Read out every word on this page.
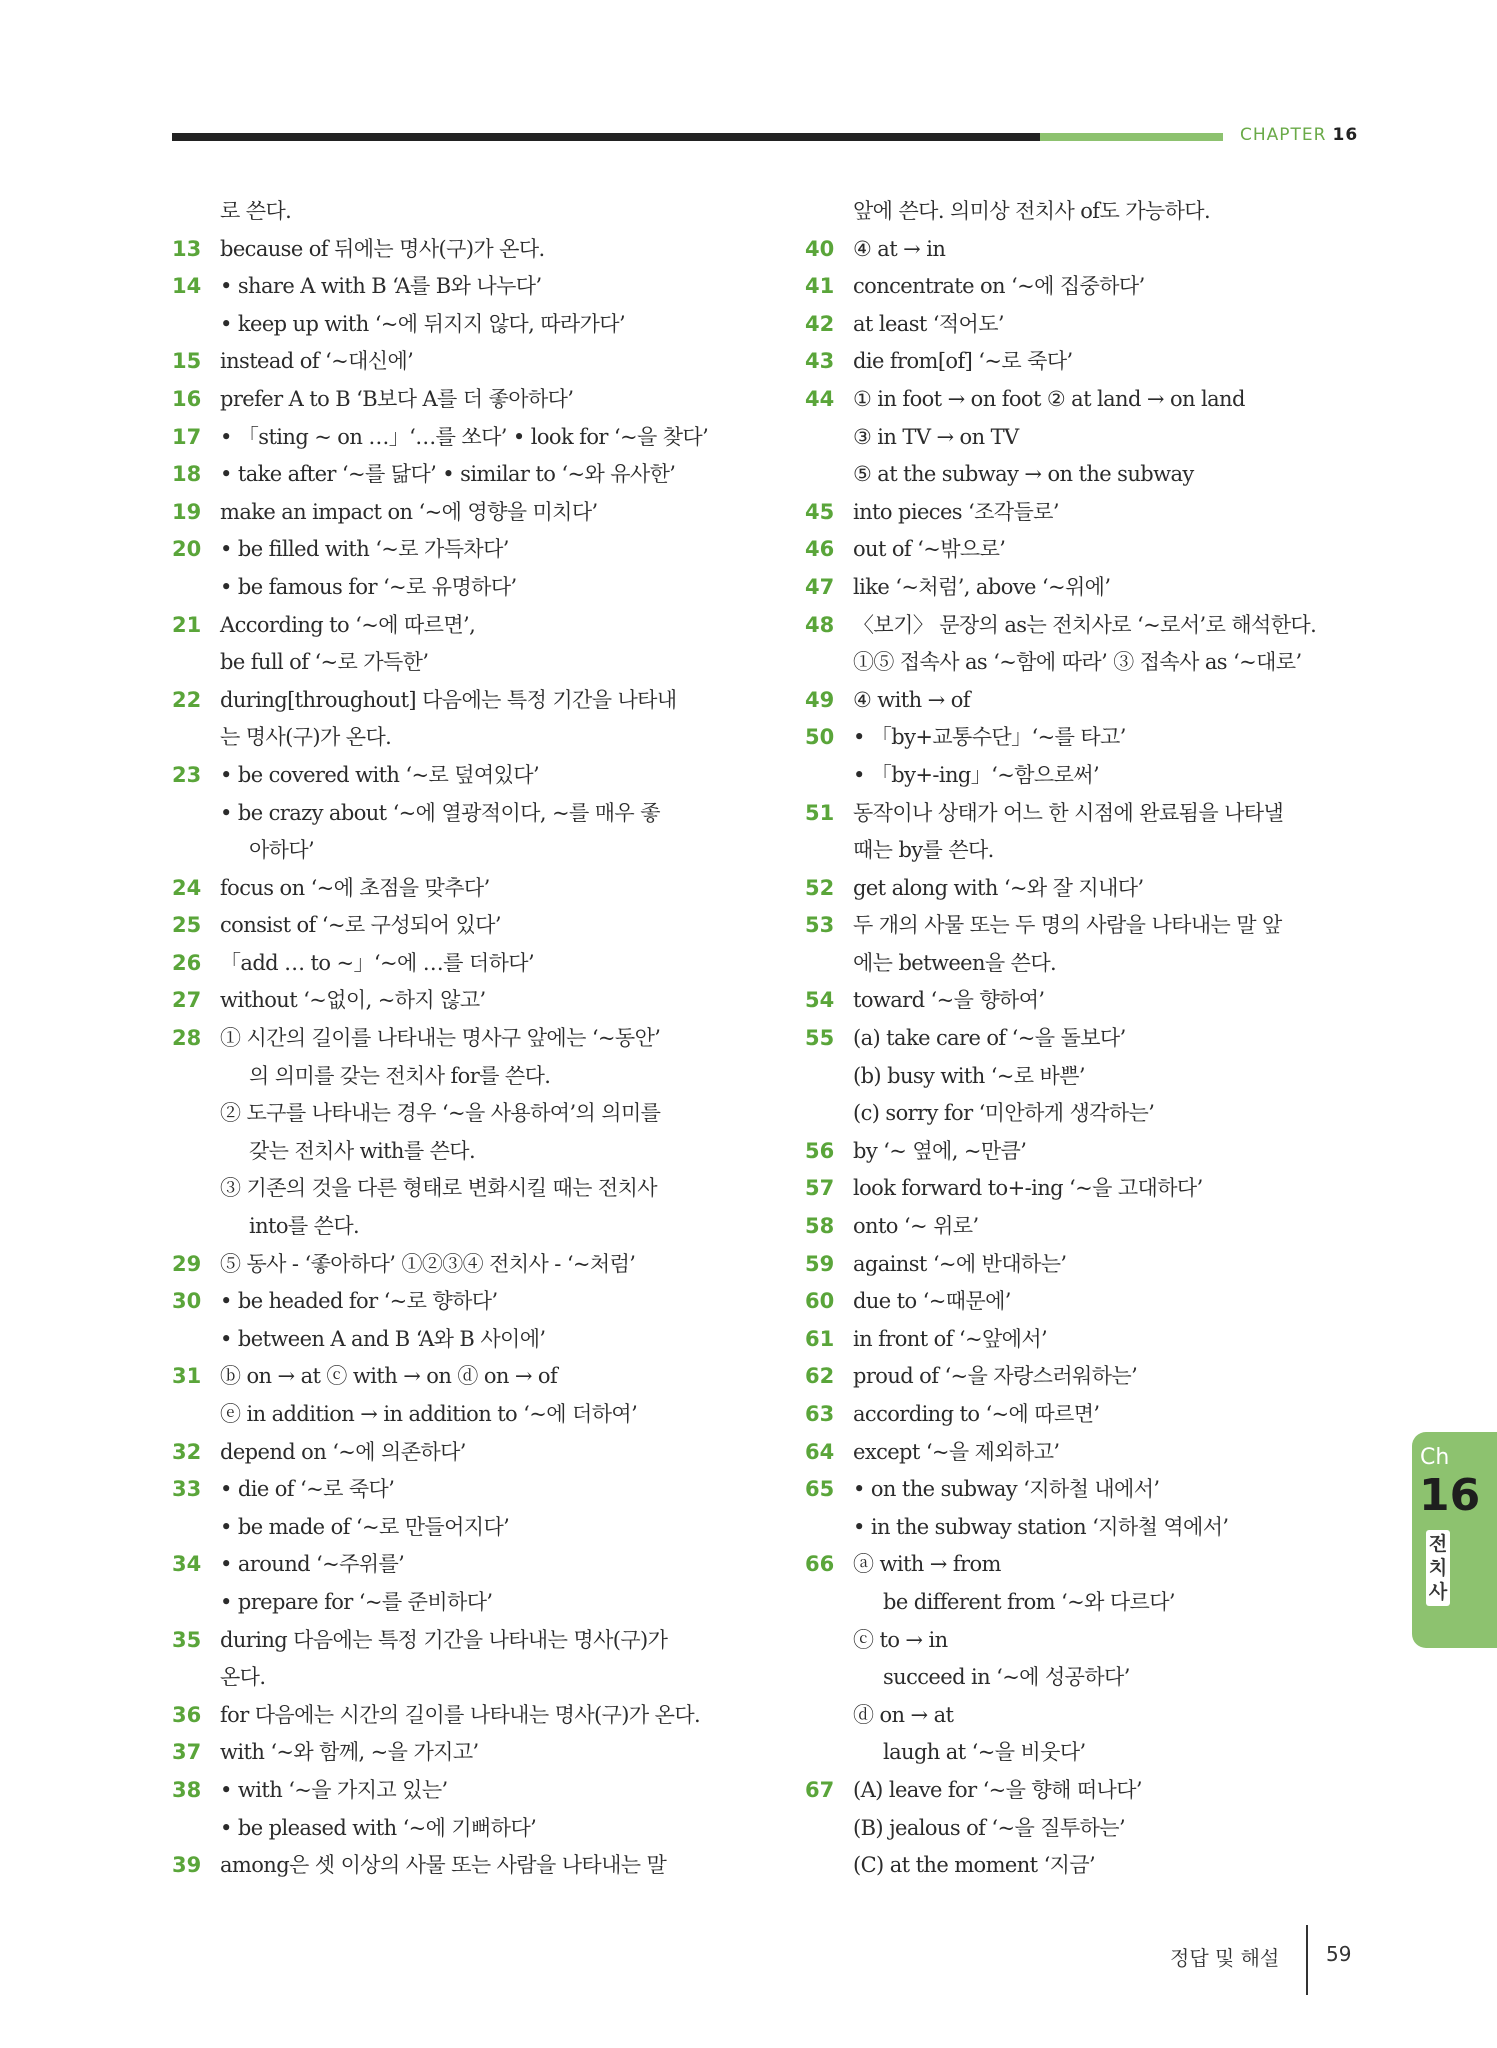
CHAPTER 16
로 쓴다.
13 because of 뒤에는 명사(구)가 온다.
14 • share A with B ‘A를 B와 나누다’
• keep up with ‘~에 뒤지지 않다, 따라가다’
15 instead of ‘~대신에’
16 prefer A to B ‘B보다 A를 더 좋아하다’
17 • 「sting ~ on …」‘…를 쏘다’ • look for ‘~을 찾다’
18 • take after ‘~를 닮다’ • similar to ‘~와 유사한’
19 make an impact on ‘~에 영향을 미치다’
20 • be filled with ‘~로 가득차다’
• be famous for ‘~로 유명하다’
21 According to ‘~에 따르면’,
be full of ‘~로 가득한’
22 during[throughout] 다음에는 특정 기간을 나타내
는 명사(구)가 온다.
23 • be covered with ‘~로 덮여있다’
• be crazy about ‘~에 열광적이다, ~를 매우 좋
아하다’
24 focus on ‘~에 초점을 맞추다’
25 consist of ‘~로 구성되어 있다’
26 「add … to ~」‘~에 …를 더하다’
27 without ‘~없이, ~하지 않고’
28 ① 시간의 길이를 나타내는 명사구 앞에는 ‘~동안’
의 의미를 갖는 전치사 for를 쓴다.
② 도구를 나타내는 경우 ‘~을 사용하여’의 의미를
갖는 전치사 with를 쓴다.
③ 기존의 것을 다른 형태로 변화시킬 때는 전치사
into를 쓴다.
29 ⑤ 동사 - ‘좋아하다’ ①②③④ 전치사 - ‘~처럼’
30 • be headed for ‘~로 향하다’
• between A and B ‘A와 B 사이에’
31 ⓑ on → at ⓒ with → on ⓓ on → of
ⓔ in addition → in addition to ‘~에 더하여’
32 depend on ‘~에 의존하다’
33 • die of ‘~로 죽다’
• be made of ‘~로 만들어지다’
34 • around ‘~주위를’
• prepare for ‘~를 준비하다’
35 during 다음에는 특정 기간을 나타내는 명사(구)가
온다.
36 for 다음에는 시간의 길이를 나타내는 명사(구)가 온다.
37 with ‘~와 함께, ~을 가지고’
38 • with ‘~을 가지고 있는’
• be pleased with ‘~에 기뻐하다’
39 among은 셋 이상의 사물 또는 사람을 나타내는 말
앞에 쓴다. 의미상 전치사 of도 가능하다.
40 ④ at → in
41 concentrate on ‘~에 집중하다’
42 at least ‘적어도’
43 die from[of] ‘~로 죽다’
44 ① in foot → on foot ② at land → on land
③ in TV → on TV
⑤ at the subway → on the subway
45 into pieces ‘조각들로’
46 out of ‘~밖으로’
47 like ‘~처럼’, above ‘~위에’
48 〈보기〉 문장의 as는 전치사로 ‘~로서’로 해석한다.
①⑤ 접속사 as ‘~함에 따라’ ③ 접속사 as ‘~대로’
49 ④ with → of
50 • 「by+교통수단」‘~를 타고’
• 「by+-ing」‘~함으로써’
51 동작이나 상태가 어느 한 시점에 완료됨을 나타낼
때는 by를 쓴다.
52 get along with ‘~와 잘 지내다’
53 두 개의 사물 또는 두 명의 사람을 나타내는 말 앞
에는 between을 쓴다.
54 toward ‘~을 향하여’
55 (a) take care of ‘~을 돌보다’
(b) busy with ‘~로 바쁜’
(c) sorry for ‘미안하게 생각하는’
56 by ‘~ 옆에, ~만큼’
57 look forward to+-ing ‘~을 고대하다’
58 onto ‘~ 위로’
59 against ‘~에 반대하는’
60 due to ‘~때문에’
61 in front of ‘~앞에서’
62 proud of ‘~을 자랑스러워하는’
63 according to ‘~에 따르면’
64 except ‘~을 제외하고’
65 • on the subway ‘지하철 내에서’
• in the subway station ‘지하철 역에서’
66 ⓐ with → from
be different from ‘~와 다르다’
ⓒ to → in
succeed in ‘~에 성공하다’
ⓓ on → at
laugh at ‘~을 비웃다’
67 (A) leave for ‘~을 향해 떠나다’
(B) jealous of ‘~을 질투하는’
(C) at the moment ‘지금’
Ch
16
전치사
정답 및 해설 59
